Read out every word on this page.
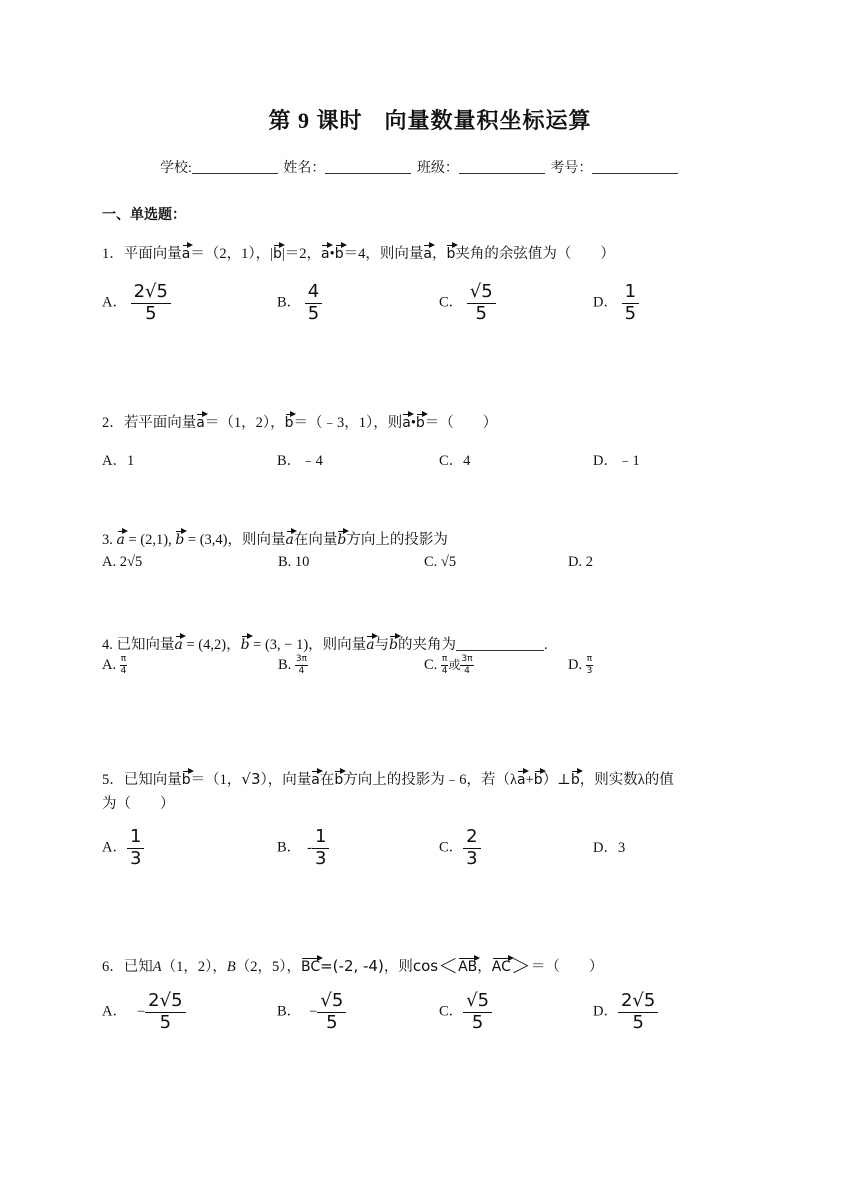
第 9 课时 向量数量积坐标运算
学校:	姓名：	班级：	考号：
一、单选题：
1．平面向量a＝（2，1），|b|＝2，a•b＝4，则向量a，b夹角的余弦值为（　　）
A． $\frac{2√5}{5}$	B． $\frac{4}{5}$	C． $\frac{√5}{5}$	D． $\frac{1}{5}$
2．若平面向量a＝（1，2），b＝（﹣3，1），则a•b＝（　　）
A．1	B．﹣4	C．4	D．﹣1
3. a = (2,1), b = (3,4)，则向量a在向量b方向上的投影为
A. 2√5	B. 10	C. √5	D. 2
4. 已知向量a = (4,2)，b = (3, − 1)，则向量a与b的夹角为	.
A. $\frac{\pi}{4}$	B. $\frac{3\pi}{4}$	C. $\frac{\pi}{4}$ 或 $\frac{3\pi}{4}$	D. $\frac{\pi}{3}$
5．已知向量b＝（1，√3），向量a在b方向上的投影为﹣6，若（λa+b）⊥b，则实数λ的值
为（　　）
A． $\frac{1}{3}$	B． - $\frac{1}{3}$	C． $\frac{2}{3}$	D．3
6．已知A（1，2），B（2，5），BC=(-2, -4)，则cos＜AB，AC＞＝（　　）
A． − $\frac{2√5}{5}$	B． − $\frac{√5}{5}$	C． $\frac{√5}{5}$	D． $\frac{2√5}{5}$
